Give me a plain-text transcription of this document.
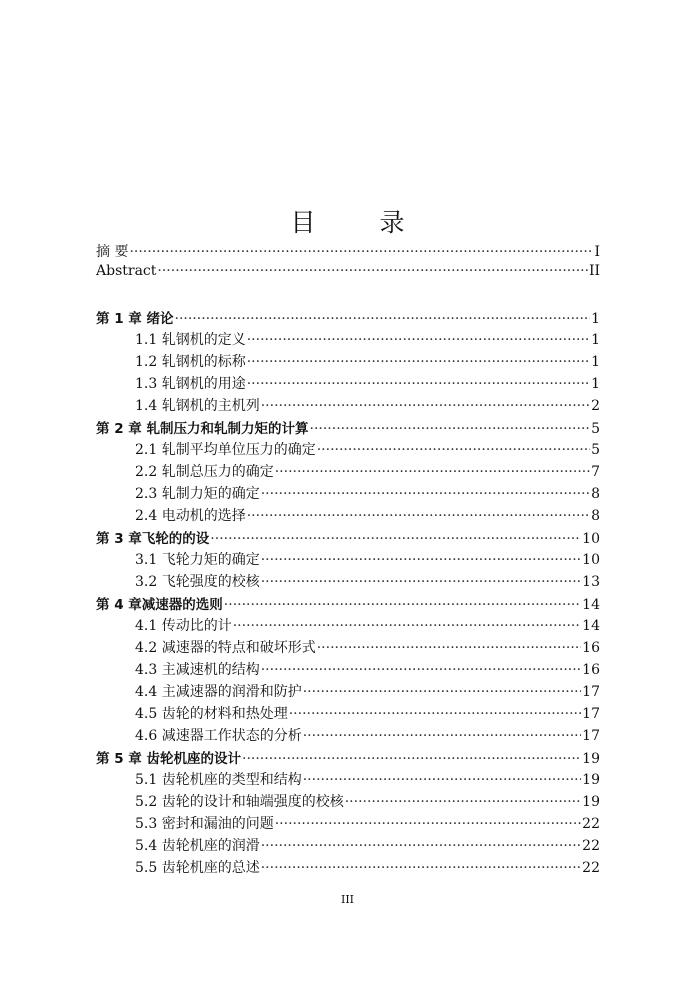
目 录
摘 要 ·····	I
Abstract ·····	II
第 1 章 绪论 ·····	1
1.1 轧钢机的定义 ·····	1
1.2 轧钢机的标称 ·····	1
1.3 轧钢机的用途 ·····	1
1.4 轧钢机的主机列 ·····	2
第 2 章 轧制压力和轧制力矩的计算 ·····	5
2.1 轧制平均单位压力的确定 ·····	5
2.2 轧制总压力的确定 ·····	7
2.3 轧制力矩的确定 ·····	8
2.4 电动机的选择 ·····	8
第 3 章飞轮的的设 ·····	10
3.1 飞轮力矩的确定 ·····	10
3.2 飞轮强度的校核 ·····	13
第 4 章减速器的选则 ·····	14
4.1 传动比的计 ·····	14
4.2 减速器的特点和破坏形式 ·····	16
4.3 主减速机的结构 ·····	16
4.4 主减速器的润滑和防护 ·····	17
4.5 齿轮的材料和热处理 ·····	17
4.6 减速器工作状态的分析 ·····	17
第 5 章 齿轮机座的设计 ·····	19
5.1 齿轮机座的类型和结构 ·····	19
5.2 齿轮的设计和轴端强度的校核 ·····	19
5.3 密封和漏油的问题 ·····	22
5.4 齿轮机座的润滑 ·····	22
5.5 齿轮机座的总述 ·····	22
III
